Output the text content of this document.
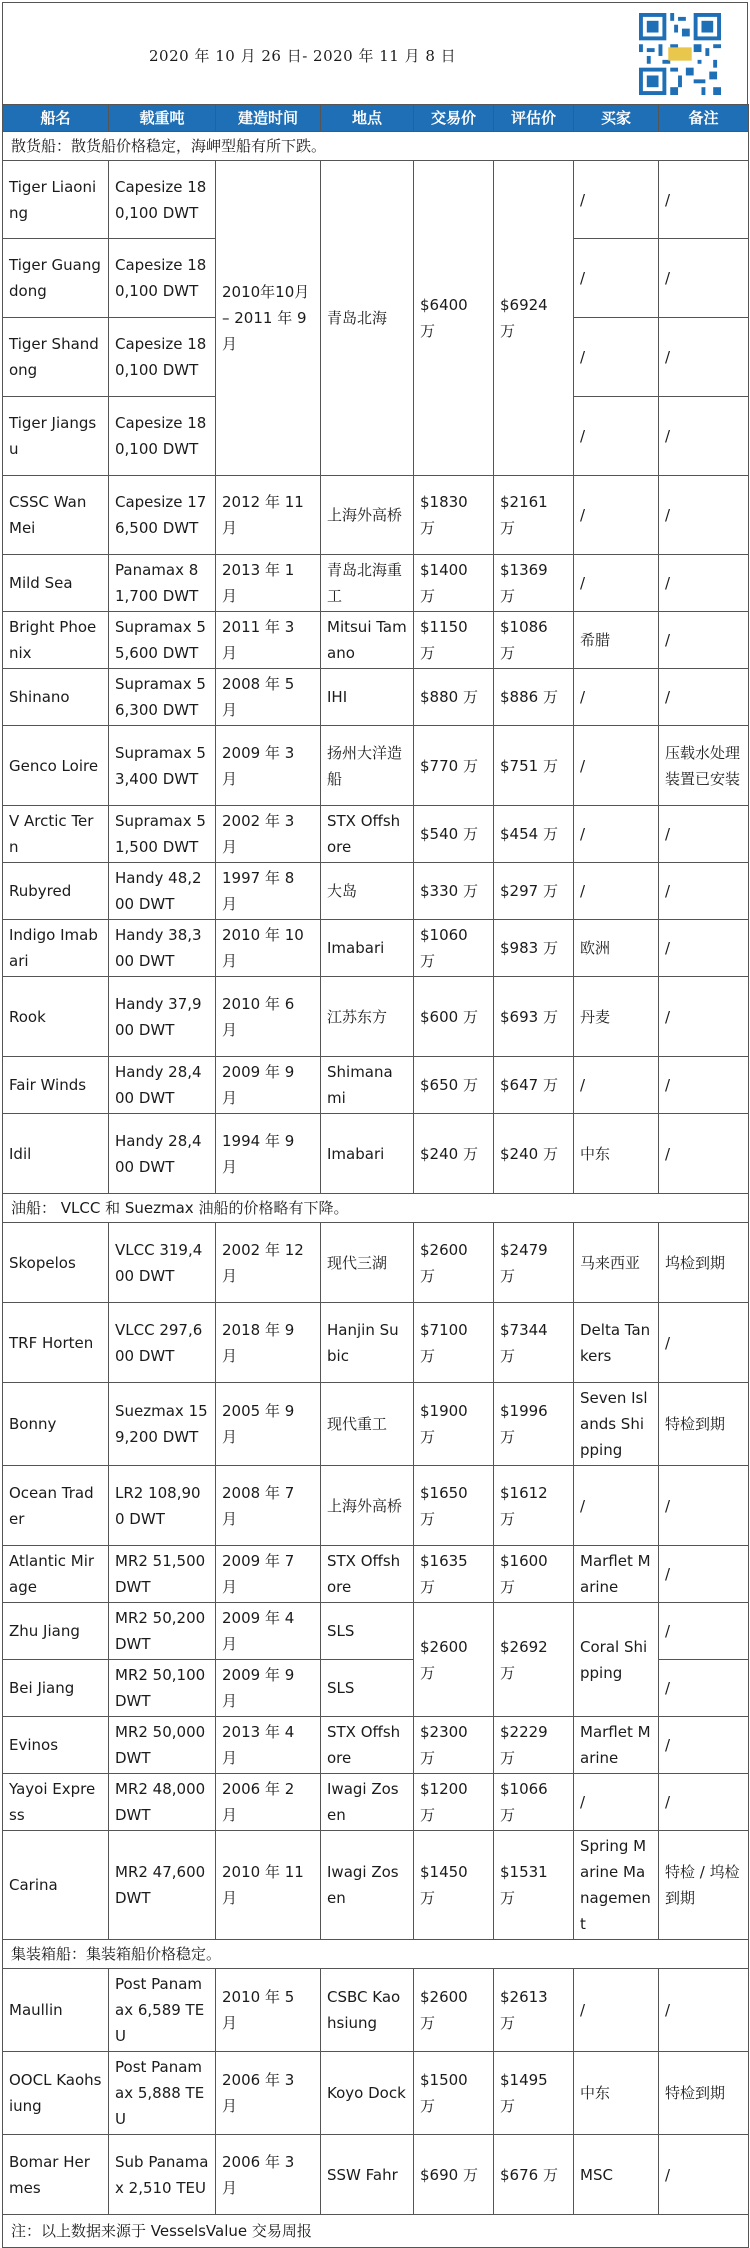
2020 年 10 月 26 日- 2020 年 11 月 8 日
船名	载重吨	建造时间	地点	交易价	评估价	买家	备注
散货船：散货船价格稳定，海岬型船有所下跌。							
Tiger Liaoning	Capesize 180,100 DWT	2010年10月 – 2011 年 9 月	青岛北海	$6400 万	$6924 万	/	/
Tiger Guangdong	Capesize 180,100 DWT					/	/
Tiger Shandong	Capesize 180,100 DWT					/	/
Tiger Jiangsu	Capesize 180,100 DWT					/	/
CSSC Wan Mei	Capesize 176,500 DWT	2012 年 11 月	上海外高桥	$1830 万	$2161 万	/	/
Mild Sea	Panamax 81,700 DWT	2013 年 1 月	青岛北海重工	$1400 万	$1369 万	/	/
Bright Phoenix	Supramax 55,600 DWT	2011 年 3 月	Mitsui Tamano	$1150 万	$1086 万	希腊	/
Shinano	Supramax 56,300 DWT	2008 年 5 月	IHI	$880 万	$886 万	/	/
Genco Loire	Supramax 53,400 DWT	2009 年 3 月	扬州大洋造船	$770 万	$751 万	/	压载水处理装置已安装
V Arctic Tern	Supramax 51,500 DWT	2002 年 3 月	STX Offshore	$540 万	$454 万	/	/
Rubyred	Handy 48,200 DWT	1997 年 8 月	大岛	$330 万	$297 万	/	/
Indigo Imabari	Handy 38,300 DWT	2010 年 10 月	Imabari	$1060 万	$983 万	欧洲	/
Rook	Handy 37,900 DWT	2010 年 6 月	江苏东方	$600 万	$693 万	丹麦	/
Fair Winds	Handy 28,400 DWT	2009 年 9 月	Shimanami	$650 万	$647 万	/	/
Idil	Handy 28,400 DWT	1994 年 9 月	Imabari	$240 万	$240 万	中东	/
油船： VLCC 和 Suezmax 油船的价格略有下降。							
Skopelos	VLCC 319,400 DWT	2002 年 12 月	现代三湖	$2600 万	$2479 万	马来西亚	坞检到期
TRF Horten	VLCC 297,600 DWT	2018 年 9 月	Hanjin Subic	$7100 万	$7344 万	Delta Tankers	/
Bonny	Suezmax 159,200 DWT	2005 年 9 月	现代重工	$1900 万	$1996 万	Seven Islands Shipping	特检到期
Ocean Trader	LR2 108,900 DWT	2008 年 7 月	上海外高桥	$1650 万	$1612 万	/	/
Atlantic Mirage	MR2 51,500 DWT	2009 年 7 月	STX Offshore	$1635 万	$1600 万	Marflet Marine	/
Zhu Jiang	MR2 50,200 DWT	2009 年 4 月	SLS	$2600 万	$2692 万	Coral Shipping	/
Bei Jiang	MR2 50,100 DWT	2009 年 9 月	SLS				/
Evinos	MR2 50,000 DWT	2013 年 4 月	STX Offshore	$2300 万	$2229 万	Marflet Marine	/
Yayoi Express	MR2 48,000 DWT	2006 年 2 月	Iwagi Zosen	$1200 万	$1066 万	/	/
Carina	MR2 47,600 DWT	2010 年 11 月	Iwagi Zosen	$1450 万	$1531 万	Spring Marine Management	特检 / 坞检到期
集装箱船：集装箱船价格稳定。							
Maullin	Post Panamax 6,589 TEU	2010 年 5 月	CSBC Kaohsiung	$2600 万	$2613 万	/	/
OOCL Kaohsiung	Post Panamax 5,888 TEU	2006 年 3 月	Koyo Dock	$1500 万	$1495 万	中东	特检到期
Bomar Hermes	Sub Panamax 2,510 TEU	2006 年 3 月	SSW Fahr	$690 万	$676 万	MSC	/
注：以上数据来源于 VesselsValue 交易周报							
